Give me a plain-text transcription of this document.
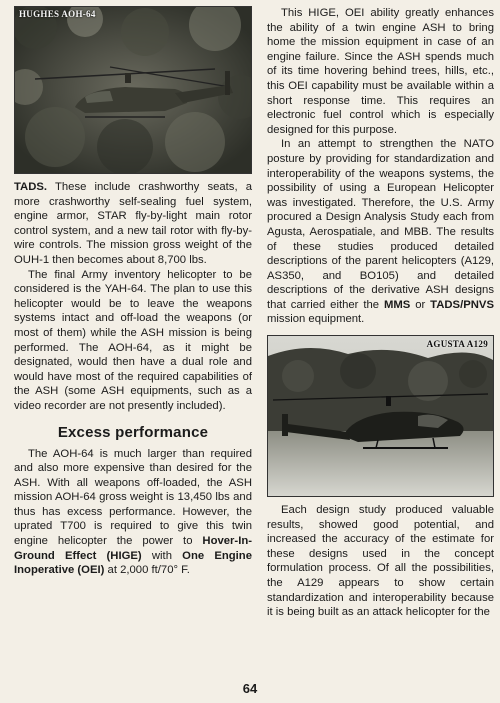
HUGHES AOH-64

TADS. These include crashworthy seats, a more crashworthy self-sealing fuel system, engine armor, STAR fly-by-light main rotor control system, and a new tail rotor with fly-by-wire controls. The mission gross weight of the OUH-1 then becomes about 8,700 lbs.

The final Army inventory helicopter to be considered is the YAH-64. The plan to use this helicopter would be to leave the weapons systems intact and off-load the weapons (or most of them) while the ASH mission is being performed. The AOH-64, as it might be designated, would then have a dual role and would have most of the required capabilities of the ASH (some ASH equipments, such as a video recorder are not presently included).

Excess performance

The AOH-64 is much larger than required and also more expensive than desired for the ASH. With all weapons off-loaded, the ASH mission AOH-64 gross weight is 13,450 lbs and thus has excess performance. However, the uprated T700 is required to give this twin engine helicopter the power to Hover-In-Ground Effect (HIGE) with One Engine Inoperative (OEI) at 2,000 ft/70° F.

This HIGE, OEI ability greatly enhances the ability of a twin engine ASH to bring home the mission equipment in case of an engine failure. Since the ASH spends much of its time hovering behind trees, hills, etc., this OEI capability must be available within a short response time. This requires an electronic fuel control which is especially designed for this purpose.

In an attempt to strengthen the NATO posture by providing for standardization and interoperability of the weapons systems, the possibility of using a European Helicopter was investigated. Therefore, the U.S. Army procured a Design Analysis Study each from Agusta, Aerospatiale, and MBB. The results of these studies produced detailed descriptions of the parent helicopters (A129, AS350, and BO105) and detailed descriptions of the derivative ASH designs that carried either the MMS or TADS/PNVS mission equipment.

AGUSTA A129

Each design study produced valuable results, showed good potential, and increased the accuracy of the estimate for these designs used in the concept formulation process. Of all the possibilities, the A129 appears to show certain standardization and interoperability because it is being built as an attack helicopter for the

64
